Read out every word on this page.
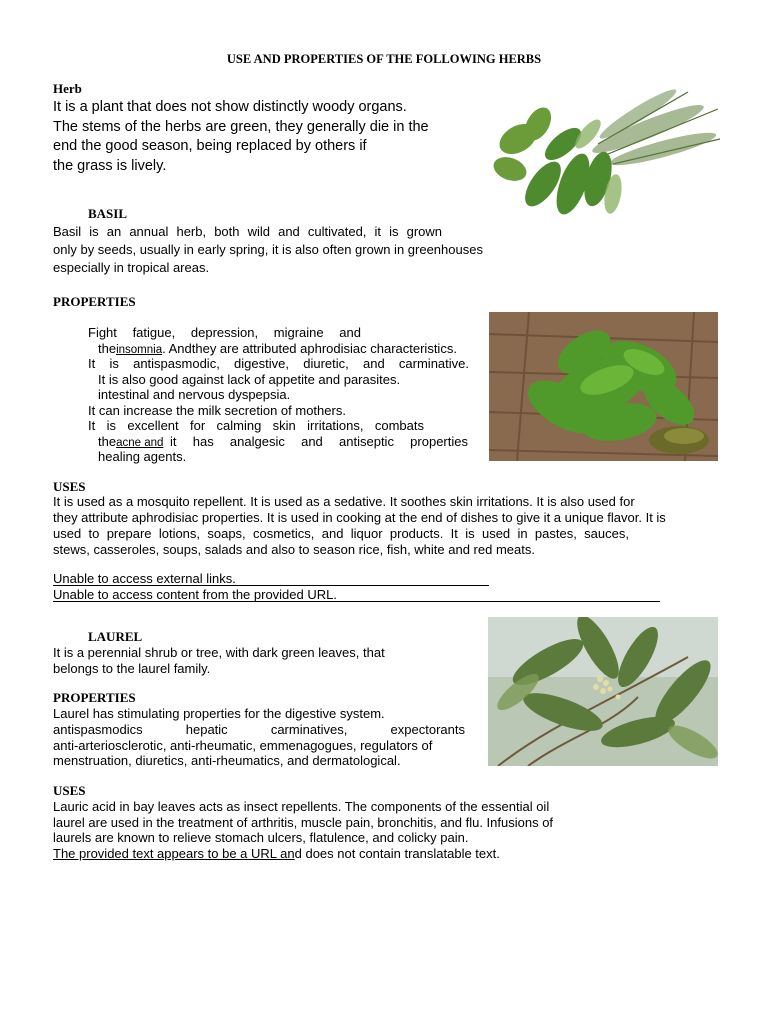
USE AND PROPERTIES OF THE FOLLOWING HERBS
Herb
It is a plant that does not show distinctly woody organs.
The stems of the herbs are green, they generally die in the
end the good season, being replaced by others if
the grass is lively.
BASIL
Basil is an annual herb, both wild and cultivated, it is grown
only by seeds, usually in early spring, it is also often grown in greenhouses
especially in tropical areas.
PROPERTIES
Fight fatigue, depression, migraine and
theinsomnia. Andthey are attributed aphrodisiac characteristics.
It is antispasmodic, digestive, diuretic, and carminative.
It is also good against lack of appetite and parasites.
intestinal and nervous dyspepsia.
It can increase the milk secretion of mothers.
It is excellent for calming skin irritations, combats
theacne and it has analgesic and antiseptic properties
healing agents.
USES
It is used as a mosquito repellent. It is used as a sedative. It soothes skin irritations. It is also used for
they attribute aphrodisiac properties. It is used in cooking at the end of dishes to give it a unique flavor. It is
used to prepare lotions, soaps, cosmetics, and liquor products. It is used in pastes, sauces,
stews, casseroles, soups, salads and also to season rice, fish, white and red meats.
Unable to access external links.
Unable to access content from the provided URL.
LAUREL
It is a perennial shrub or tree, with dark green leaves, that
belongs to the laurel family.
PROPERTIES
Laurel has stimulating properties for the digestive system.
antispasmodics hepatic carminatives, expectorants
anti-arteriosclerotic, anti-rheumatic, emmenagogues, regulators of
menstruation, diuretics, anti-rheumatics, and dermatological.
USES
Lauric acid in bay leaves acts as insect repellents. The components of the essential oil
laurel are used in the treatment of arthritis, muscle pain, bronchitis, and flu. Infusions of
laurels are known to relieve stomach ulcers, flatulence, and colicky pain.
The provided text appears to be a URL and does not contain translatable text.
